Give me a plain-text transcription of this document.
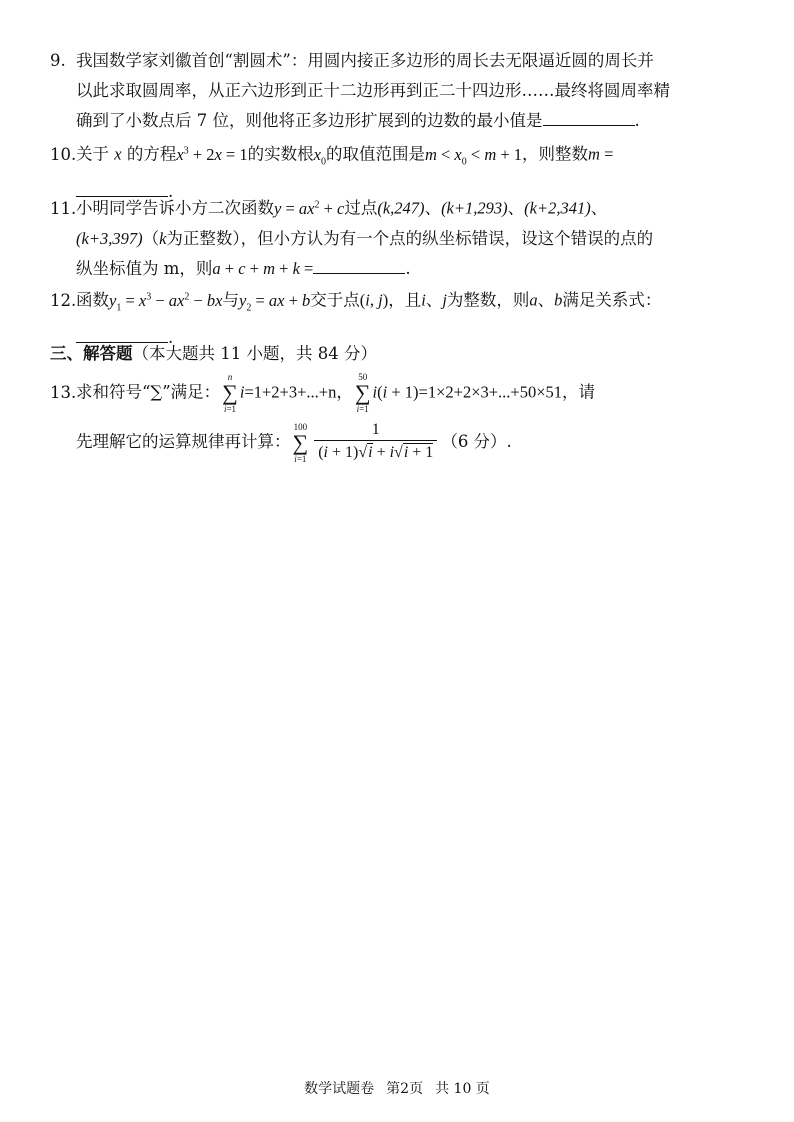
9. 我国数学家刘徽首创“割圆术”：用圆内接正多边形的周长去无限逼近圆的周长并
以此求取圆周率，从正六边形到正十二边形再到正二十四边形……最终将圆周率精
确到了小数点后 7 位，则他将正多边形扩展到的边数的最小值是	.
10.关于 x 的方程$x^3 + 2x = 1$的实数根$x_0$的取值范围是$m < x_0 < m + 1$，则整数m =
.
11.小明同学告诉小方二次函数$y = ax^2 + c$过点(k,247)、(k+1,293)、(k+2,341)、
(k+3,397)（k为正整数），但小方认为有一个点的纵坐标错误，设这个错误的点的
纵坐标值为 m，则a + c + m + k =	.
12.函数$y_1 = x^3 - ax^2$ − bx与$y_2$ = ax + b交于点(i, j)，且i、j为整数，则a、b满足关系式：
.
三、解答题（本大题共 11 小题，共 84 分）
13.求和符号“∑”满足：
n
∑
i=1
i=1+2+3+...+n，
50
∑
i=1
i(i + 1)=1×2+2×3+...+50×51，请
先理解它的运算规律再计算：
100
∑
$i=1 \frac{1}{(i + 1)√i + i√i + 1} (6$ 分）.
数学试题卷 第2页 共 10 页
